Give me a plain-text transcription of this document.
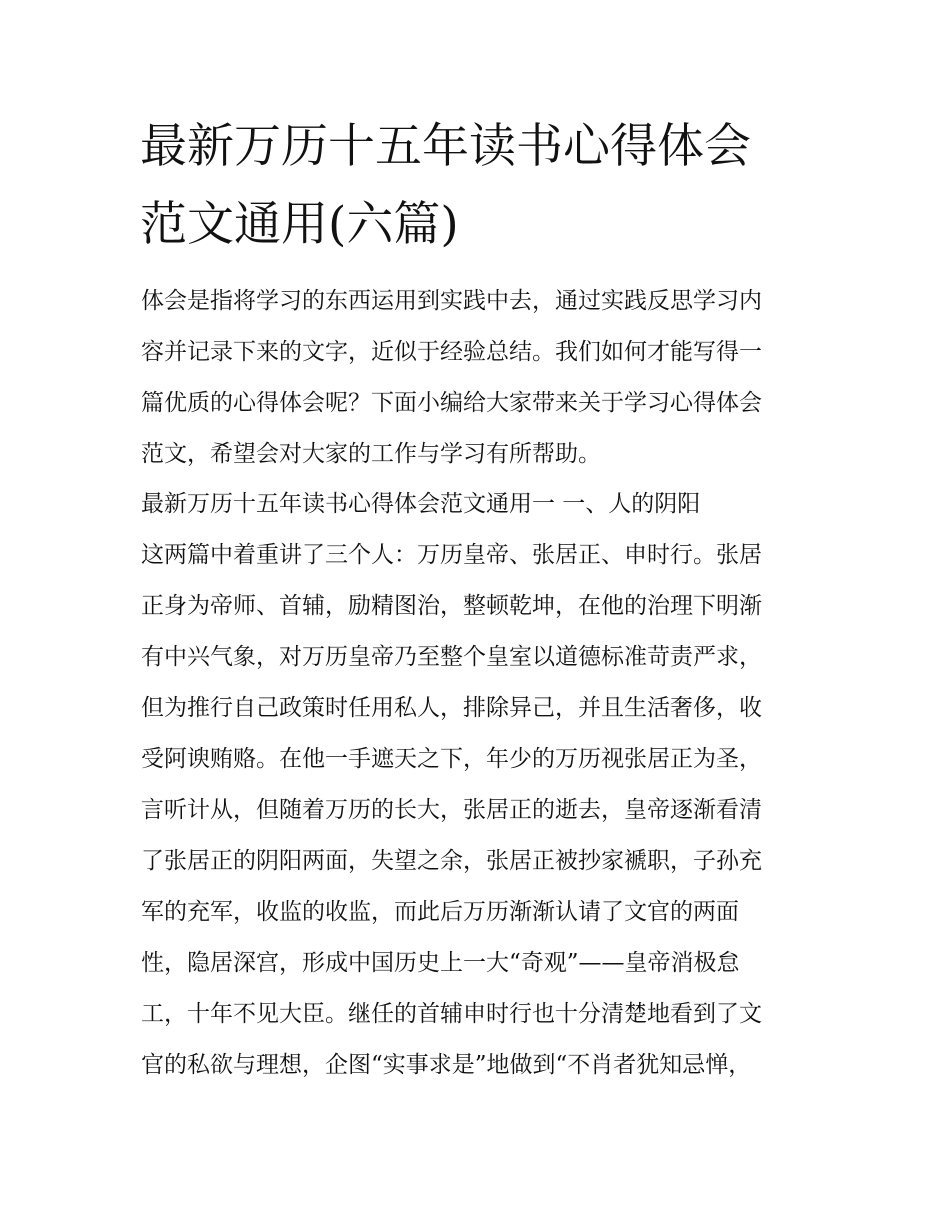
最新万历十五年读书心得体会
范文通用(六篇)
体会是指将学习的东西运用到实践中去，通过实践反思学习内
容并记录下来的文字，近似于经验总结。我们如何才能写得一
篇优质的心得体会呢？下面小编给大家带来关于学习心得体会
范文，希望会对大家的工作与学习有所帮助。
最新万历十五年读书心得体会范文通用一 一、人的阴阳
这两篇中着重讲了三个人：万历皇帝、张居正、申时行。张居
正身为帝师、首辅，励精图治，整顿乾坤，在他的治理下明渐
有中兴气象，对万历皇帝乃至整个皇室以道德标准苛责严求，
但为推行自己政策时任用私人，排除异己，并且生活奢侈，收
受阿谀贿赂。在他一手遮天之下，年少的万历视张居正为圣，
言听计从，但随着万历的长大，张居正的逝去，皇帝逐渐看清
了张居正的阴阳两面，失望之余，张居正被抄家褫职，子孙充
军的充军，收监的收监，而此后万历渐渐认请了文官的两面
性，隐居深宫，形成中国历史上一大“奇观”——皇帝消极怠
工，十年不见大臣。继任的首辅申时行也十分清楚地看到了文
官的私欲与理想，企图“实事求是”地做到“不肖者犹知忌惮，
